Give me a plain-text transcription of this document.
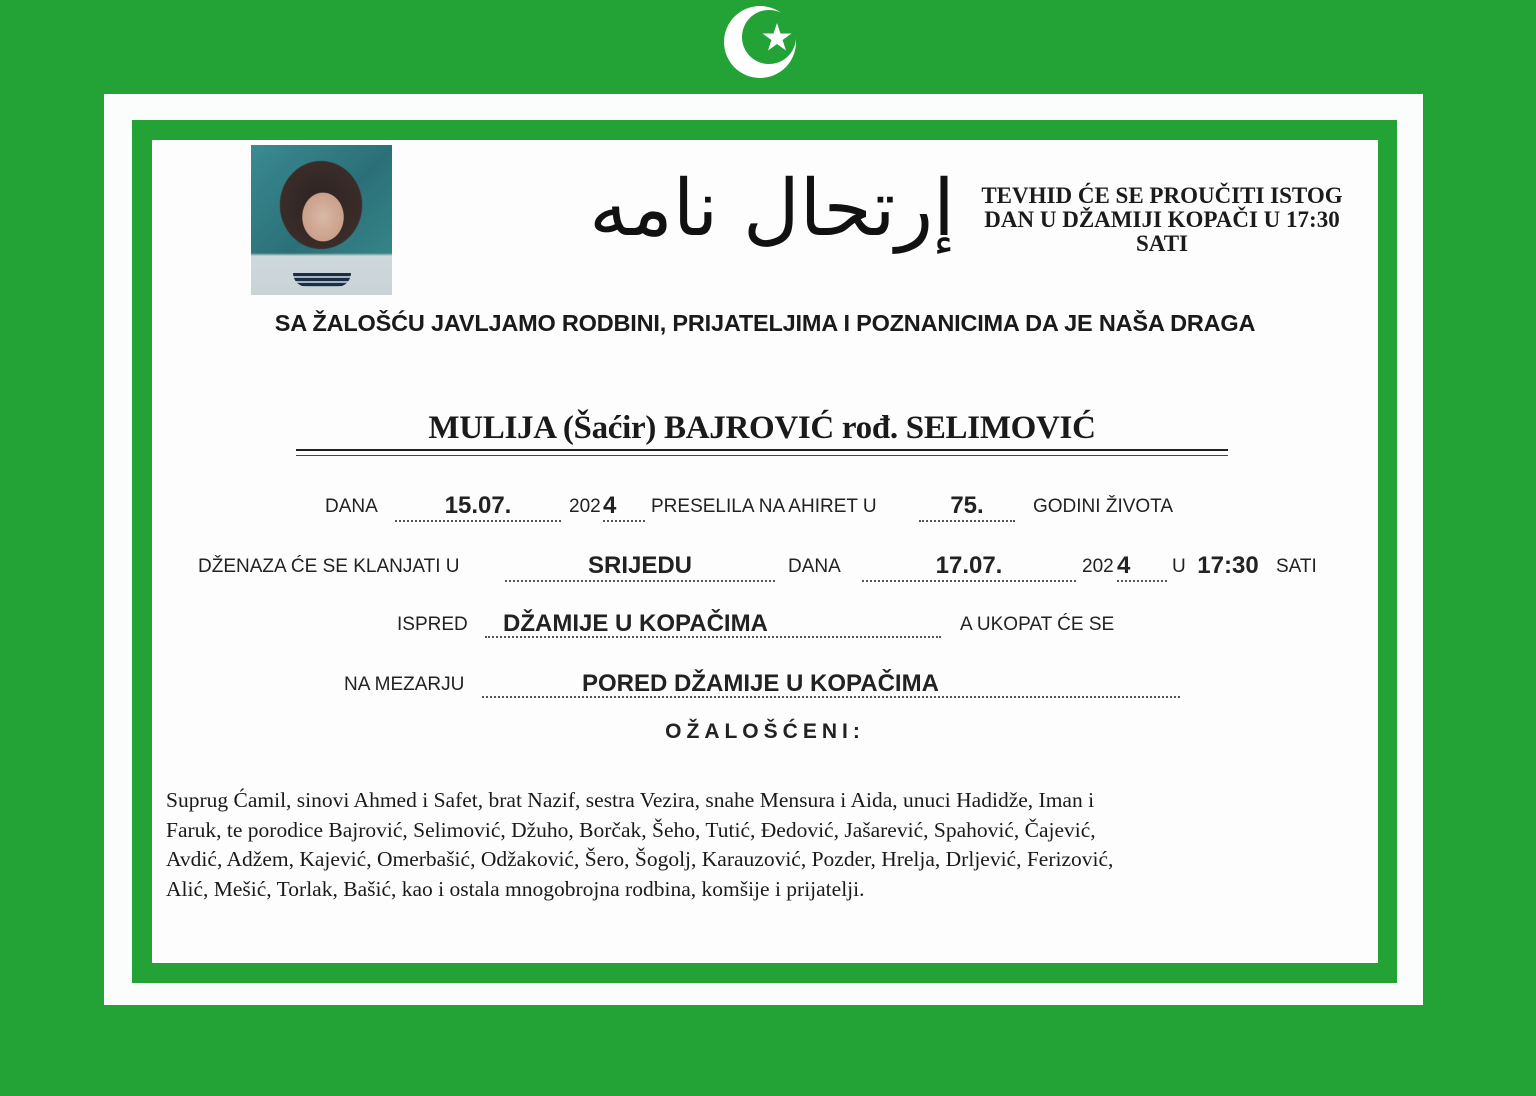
إرتحال نامه	TEVHID ĆE SE PROUČITI ISTOG
DAN U DŽAMIJI KOPAČI U 17:30
SATI
SA ŽALOŠĆU JAVLJAMO RODBINI, PRIJATELJIMA I POZNANICIMA DA JE NAŠA DRAGA
MULIJA (Šaćir) BAJROVIĆ rođ. SELIMOVIĆ
DANA	15.07.	202 4	PRESELILA NA AHIRET U	75.	GODINI ŽIVOTA
DŽENAZA ĆE SE KLANJATI U	SRIJEDU	DANA	17.07.	202 4	U 17:30 SATI
ISPRED	DŽAMIJE U KOPAČIMA	A UKOPAT ĆE SE
NA MEZARJU	PORED DŽAMIJE U KOPAČIMA
OŽALOŠĆENI:
Suprug Ćamil, sinovi Ahmed i Safet, brat Nazif, sestra Vezira, snahe Mensura i Aida, unuci Hadidže, Iman i
Faruk, te porodice Bajrović, Selimović, Džuho, Borčak, Šeho, Tutić, Đedović, Jašarević, Spahović, Čajević,
Avdić, Adžem, Kajević, Omerbašić, Odžaković, Šero, Šogolj, Karauzović, Pozder, Hrelja, Drljević, Ferizović,
Alić, Mešić, Torlak, Bašić, kao i ostala mnogobrojna rodbina, komšije i prijatelji.
